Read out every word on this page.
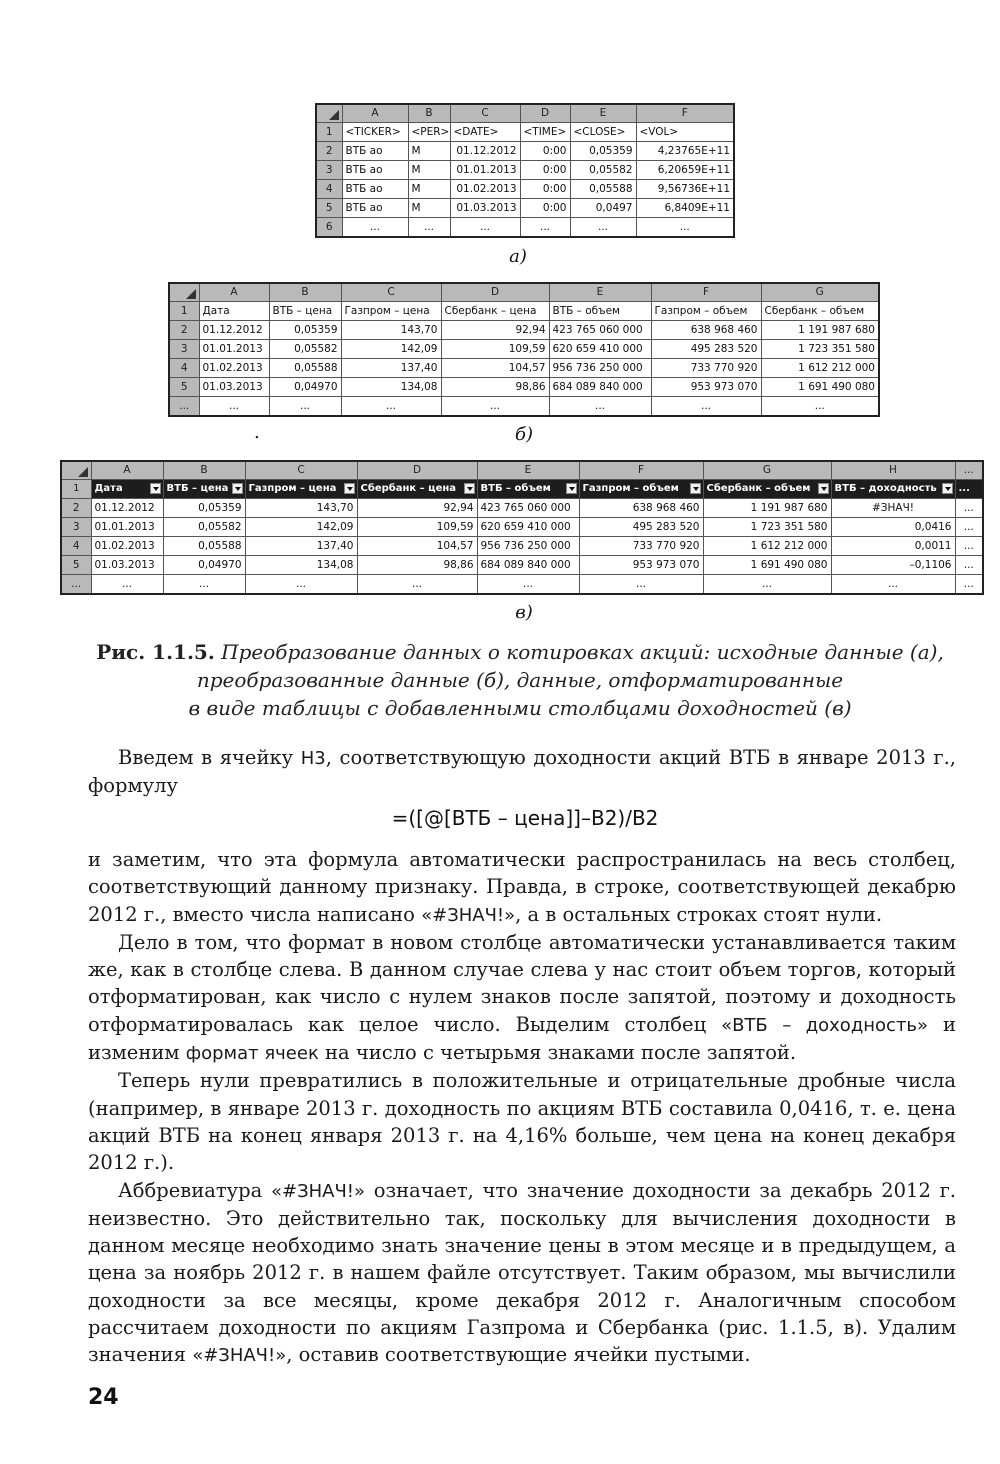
	A	B	C	D	E	F
1	<TICKER>	<PER>	<DATE>	<TIME>	<CLOSE>	<VOL>
2	ВТБ ао	M	01.12.2012	0:00	0,05359	4,23765E+11
3	ВТБ ао	M	01.01.2013	0:00	0,05582	6,20659E+11
4	ВТБ ао	M	01.02.2013	0:00	0,05588	9,56736E+11
5	ВТБ ао	M	01.03.2013	0:00	0,0497	6,8409E+11
6	...	...	...	...	...	...
а)
	A	B	C	D	E	F	G
1	Дата	ВТБ – цена	Газпром – цена	Сбербанк – цена	ВТБ – объем	Газпром – объем	Сбербанк – объем
2	01.12.2012	0,05359	143,70	92,94	423 765 060 000	638 968 460	1 191 987 680
3	01.01.2013	0,05582	142,09	109,59	620 659 410 000	495 283 520	1 723 351 580
4	01.02.2013	0,05588	137,40	104,57	956 736 250 000	733 770 920	1 612 212 000
5	01.03.2013	0,04970	134,08	98,86	684 089 840 000	953 973 070	1 691 490 080
...	...	...	...	...	...	...	...
.	б)
	A	B	C	D	E	F	G	H	...
1	Дата	ВТБ – цена	Газпром – цена	Сбербанк – цена	ВТБ – объем	Газпром – объем	Сбербанк – объем	ВТБ – доходность	...
2	01.12.2012	0,05359	143,70	92,94	423 765 060 000	638 968 460	1 191 987 680	#ЗНАЧ!	...
3	01.01.2013	0,05582	142,09	109,59	620 659 410 000	495 283 520	1 723 351 580	0,0416	...
4	01.02.2013	0,05588	137,40	104,57	956 736 250 000	733 770 920	1 612 212 000	0,0011	...
5	01.03.2013	0,04970	134,08	98,86	684 089 840 000	953 973 070	1 691 490 080	–0,1106	...
...	...	...	...	...	...	...	...	...	...
в)
Рис. 1.1.5. Преобразование данных о котировках акций: исходные данные (а),
преобразованные данные (б), данные, отформатированные
в виде таблицы с добавленными столбцами доходностей (в)

Введем в ячейку H3, соответствующую доходности акций ВТБ в январе 2013 г., формулу

=([@[ВТБ – цена]]–B2)/B2

и заметим, что эта формула автоматически распространилась на весь столбец, соответствующий данному признаку. Правда, в строке, соответствующей декабрю 2012 г., вместо числа написано «#ЗНАЧ!», а в остальных строках стоят нули.

Дело в том, что формат в новом столбце автоматически устанавливается таким же, как в столбце слева. В данном случае слева у нас стоит объем торгов, который отформатирован, как число с нулем знаков после запятой, поэтому и доходность отформатировалась как целое число. Выделим столбец «ВТБ – доходность» и изменим формат ячеек на число с четырьмя знаками после запятой.

Теперь нули превратились в положительные и отрицательные дробные числа (например, в январе 2013 г. доходность по акциям ВТБ составила 0,0416, т. е. цена акций ВТБ на конец января 2013 г. на 4,16% больше, чем цена на конец декабря 2012 г.).

Аббревиатура «#ЗНАЧ!» означает, что значение доходности за декабрь 2012 г. неизвестно. Это действительно так, поскольку для вычисления доходности в данном месяце необходимо знать значение цены в этом месяце и в предыдущем, а цена за ноябрь 2012 г. в нашем файле отсутствует. Таким образом, мы вычислили доходности за все месяцы, кроме декабря 2012 г. Аналогичным способом рассчитаем доходности по акциям Газпрома и Сбербанка (рис. 1.1.5, в). Удалим значения «#ЗНАЧ!», оставив соответствующие ячейки пустыми.

24
